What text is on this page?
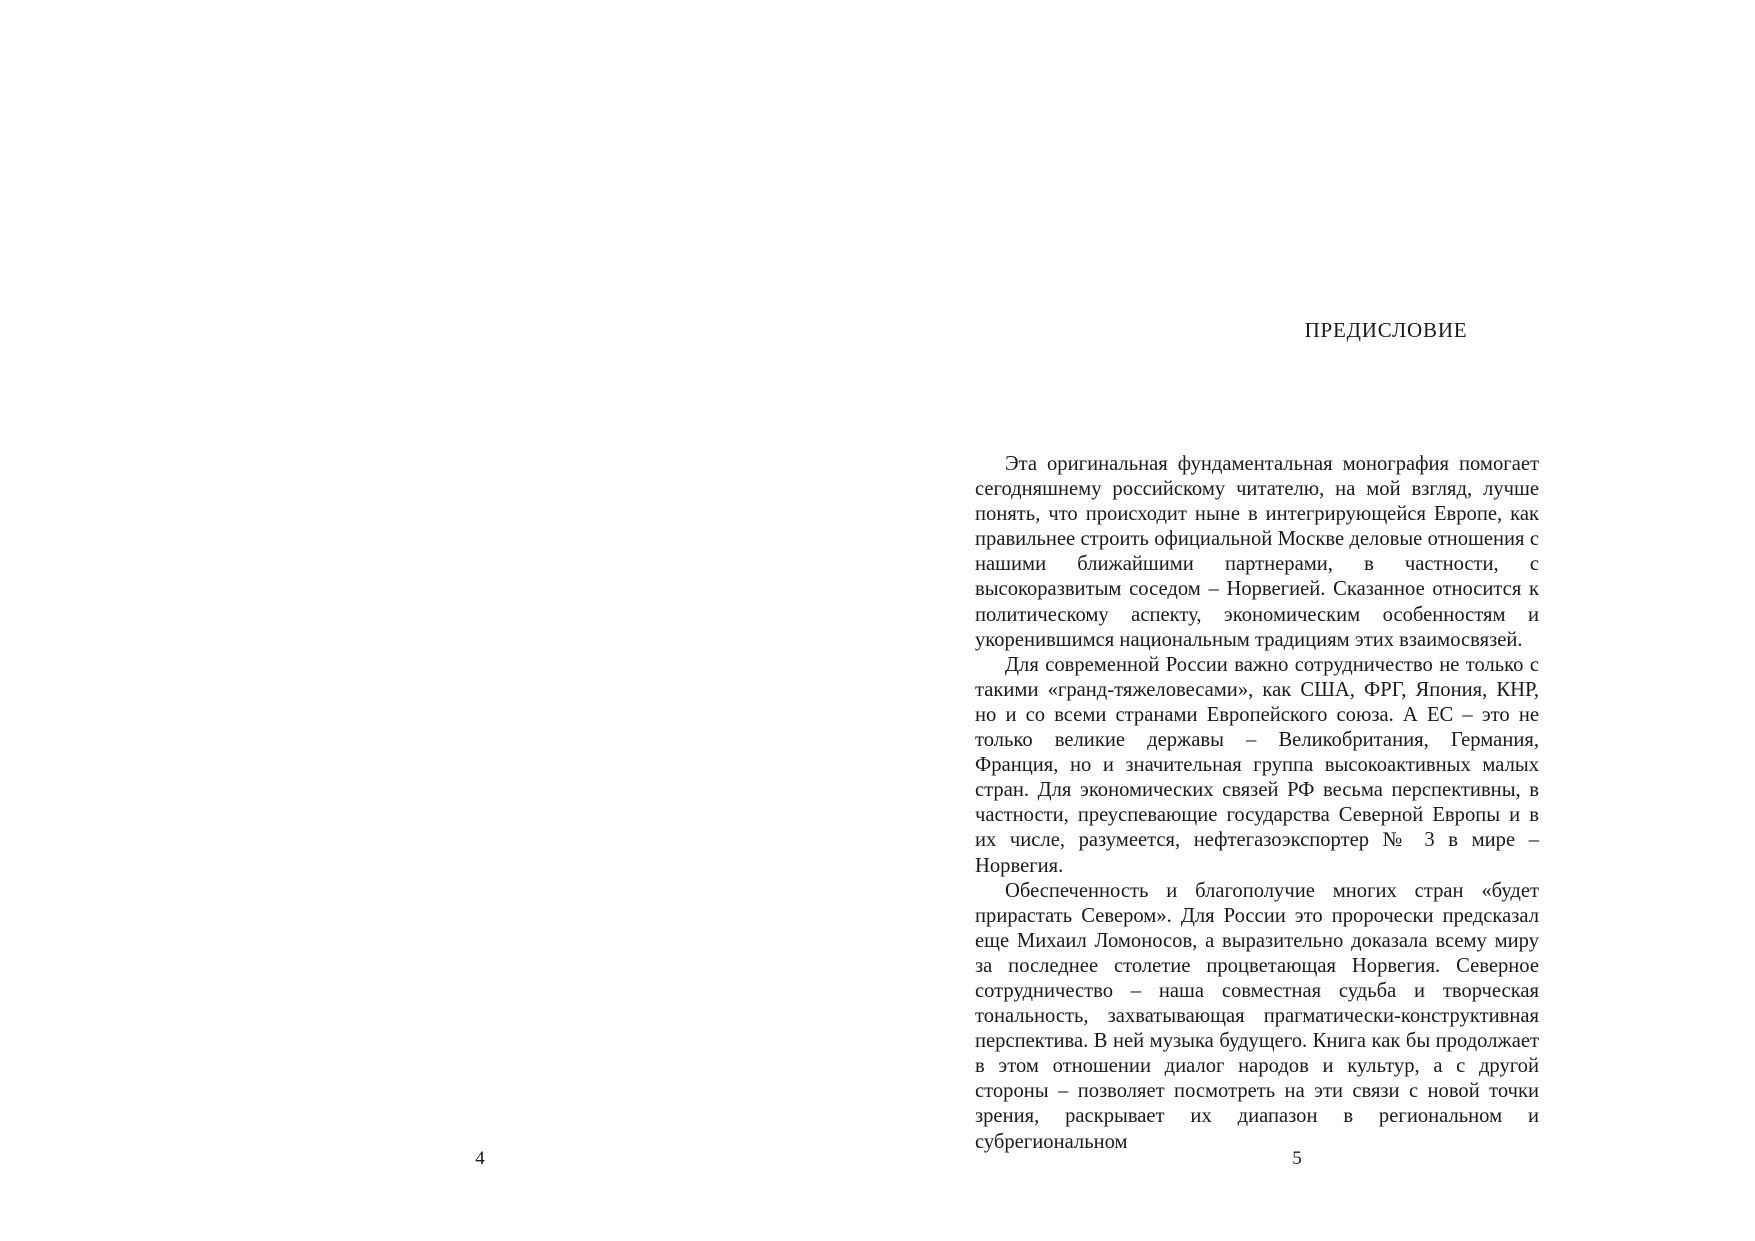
4
ПРЕДИСЛОВИЕ

Эта оригинальная фундаментальная монография помогает сегодняшнему российскому читателю, на мой взгляд, лучше понять, что происходит ныне в интегрирующейся Европе, как правильнее строить официальной Москве деловые отношения с нашими ближайшими партнерами, в частности, с высокоразвитым соседом – Норвегией. Сказанное относится к политическому аспекту, экономическим особенностям и укоренившимся национальным традициям этих взаимосвязей.

Для современной России важно сотрудничество не только с такими «гранд-тяжеловесами», как США, ФРГ, Япония, КНР, но и со всеми странами Европейского союза. А ЕС – это не только великие державы – Великобритания, Германия, Франция, но и значительная группа высокоактивных малых стран. Для экономических связей РФ весьма перспективны, в частности, преуспевающие государства Северной Европы и в их числе, разумеется, нефтегазоэкспортер № 3 в мире – Норвегия.

Обеспеченность и благополучие многих стран «будет прирастать Севером». Для России это пророчески предсказал еще Михаил Ломоносов, а выразительно доказала всему миру за последнее столетие процветающая Норвегия. Северное сотрудничество – наша совместная судьба и творческая тональность, захватывающая прагматически-конструктивная перспектива. В ней музыка будущего. Книга как бы продолжает в этом отношении диалог народов и культур, а с другой стороны – позволяет посмотреть на эти связи с новой точки зрения, раскрывает их диапазон в региональном и субрегиональном

5
